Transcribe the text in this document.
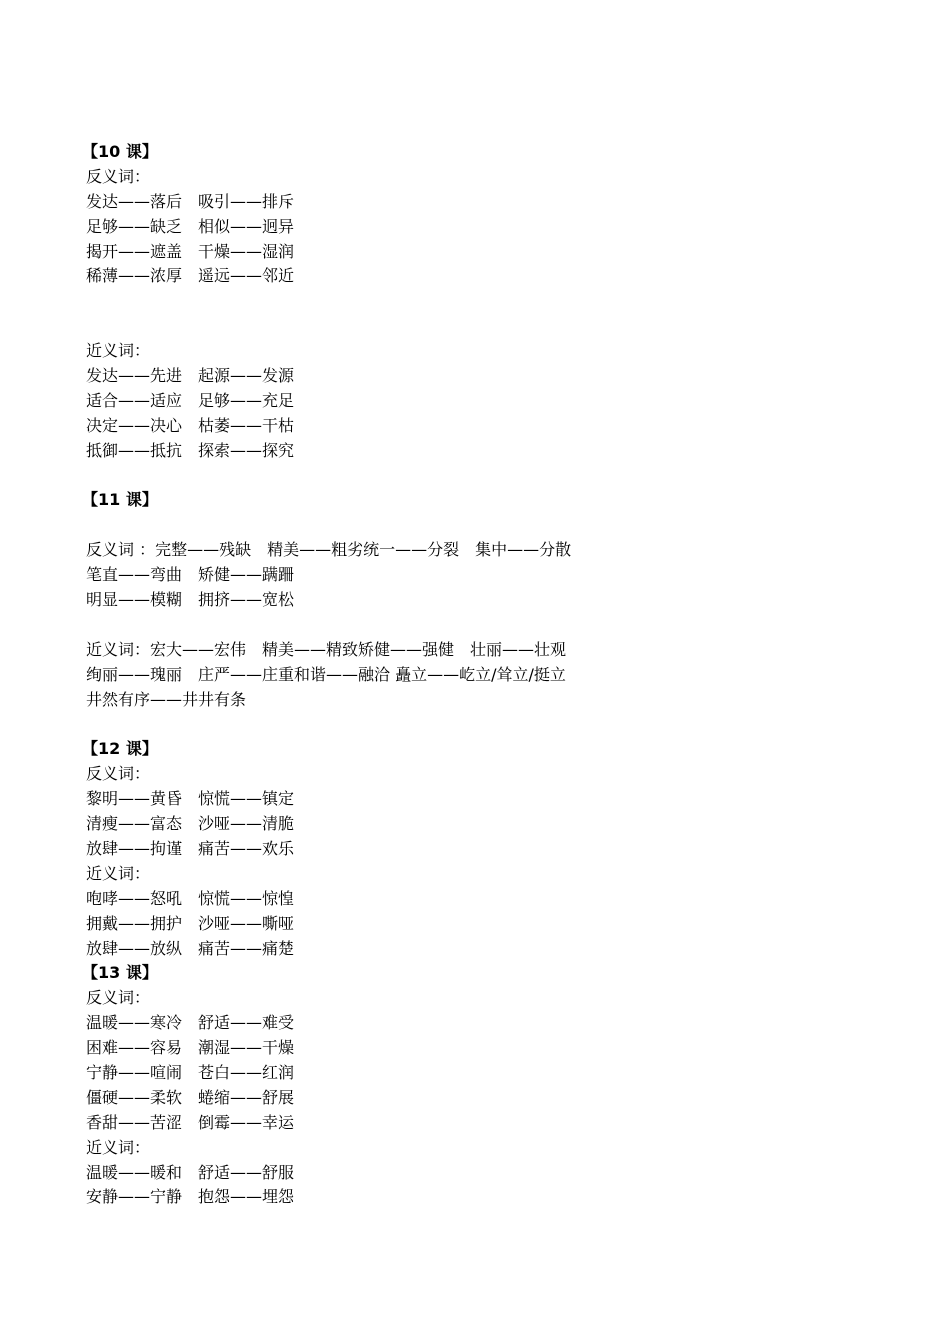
【10 课】
反义词：
发达——落后　吸引——排斥
足够——缺乏　相似——迥异
揭开——遮盖　干燥——湿润
稀薄——浓厚　遥远——邻近
近义词：
发达——先进　起源——发源
适合——适应　足够——充足
决定——决心　枯萎——干枯
抵御——抵抗　探索——探究
【11 课】
反义词 ：完整——残缺　精美——粗劣统一——分裂　集中——分散
笔直——弯曲　矫健——蹒跚
明显——模糊　拥挤——宽松
近义词：宏大——宏伟　精美——精致矫健——强健　壮丽——壮观
绚丽——瑰丽　庄严——庄重和谐——融洽 矗立——屹立/耸立/挺立
井然有序——井井有条
【12 课】
反义词：
黎明——黄昏　惊慌——镇定
清瘦——富态　沙哑——清脆
放肆——拘谨　痛苦——欢乐
近义词：
咆哮——怒吼　惊慌——惊惶
拥戴——拥护　沙哑——嘶哑
放肆——放纵　痛苦——痛楚
【13 课】
反义词：
温暖——寒冷　舒适——难受
困难——容易　潮湿——干燥
宁静——喧闹　苍白——红润
僵硬——柔软　蜷缩——舒展
香甜——苦涩　倒霉——幸运
近义词：
温暖——暖和　舒适——舒服
安静——宁静　抱怨——埋怨
